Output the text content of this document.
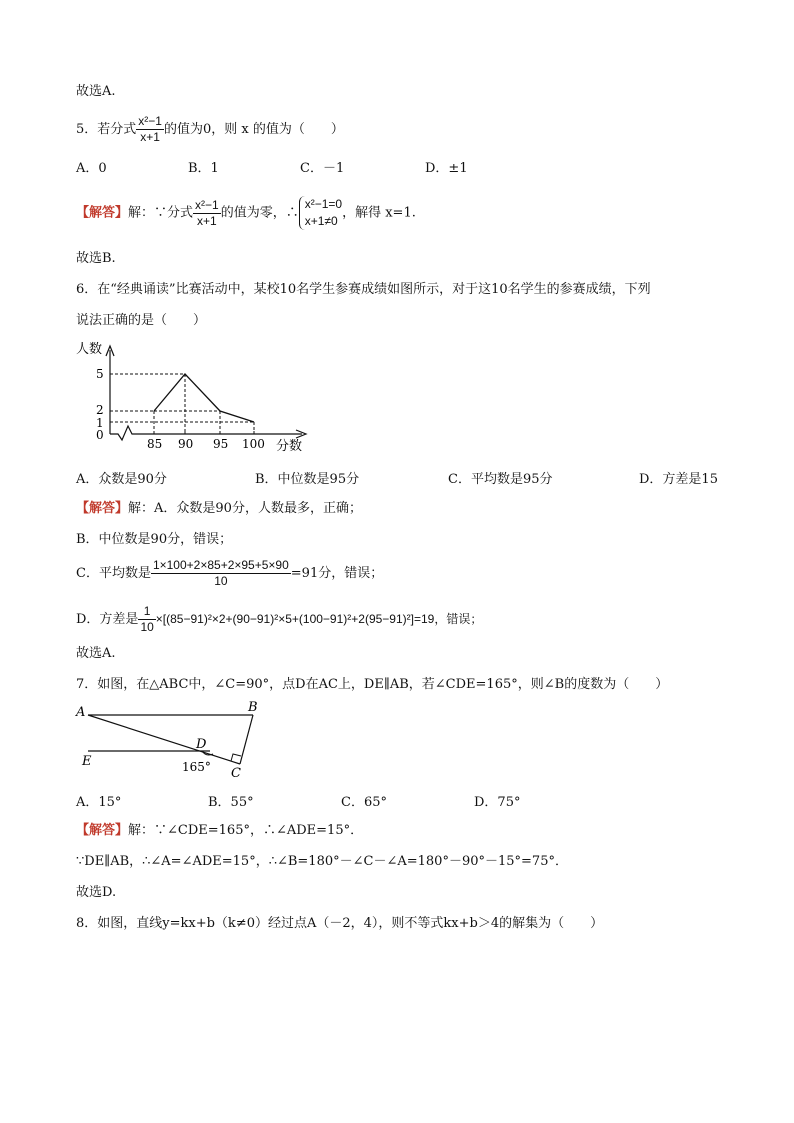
故选A.
5．若分式 $\frac{\text{x²−1}}{x+1}$ 的值为0，则 x 的值为（　　）
A．0	B．1	C．－1	D．±1
【解答】解：∵分式 $\frac{\text{x²−1}}{x+1}$ 的值为零，∴
x²−1=0
x+1≠0
，解得 x=1.
故选B.
6．在“经典诵读”比赛活动中，某校10名学生参赛成绩如图所示，对于这10名学生的参赛成绩，下列
说法正确的是（　　）
人数
分数
5
2
1
0
85 90 95 100
A．众数是90分	B．中位数是95分	C．平均数是95分	D．方差是15
【解答】解：A．众数是90分，人数最多，正确；
B．中位数是90分，错误；
C．平均数是 $\frac{1\times 100+2\times 85+2\times 95+5\times 90}{10} =91$分，错误；
D．方差是 $\frac{1}{10} \times[(85-91)^2\times 2+(90-91)^2\times 5+(100-91)^2+2(95-91)^2]=19$，错误；
故选A.
7．如图，在△ABC中，∠C=90°，点D在AC上，DE∥AB，若∠CDE=165°，则∠B的度数为（　　）
A	B
D
E
C
165°
A．15°	B．55°	C．65°	D．75°
【解答】解：∵∠CDE=165°，∴∠ADE=15°．
∵DE∥AB，∴∠A=∠ADE=15°，∴∠B=180°－∠C－∠A=180°－90°－15°=75°．
故选D.
8．如图，直线y=kx+b（k≠0）经过点A（－2，4），则不等式kx+b＞4的解集为（　　）
